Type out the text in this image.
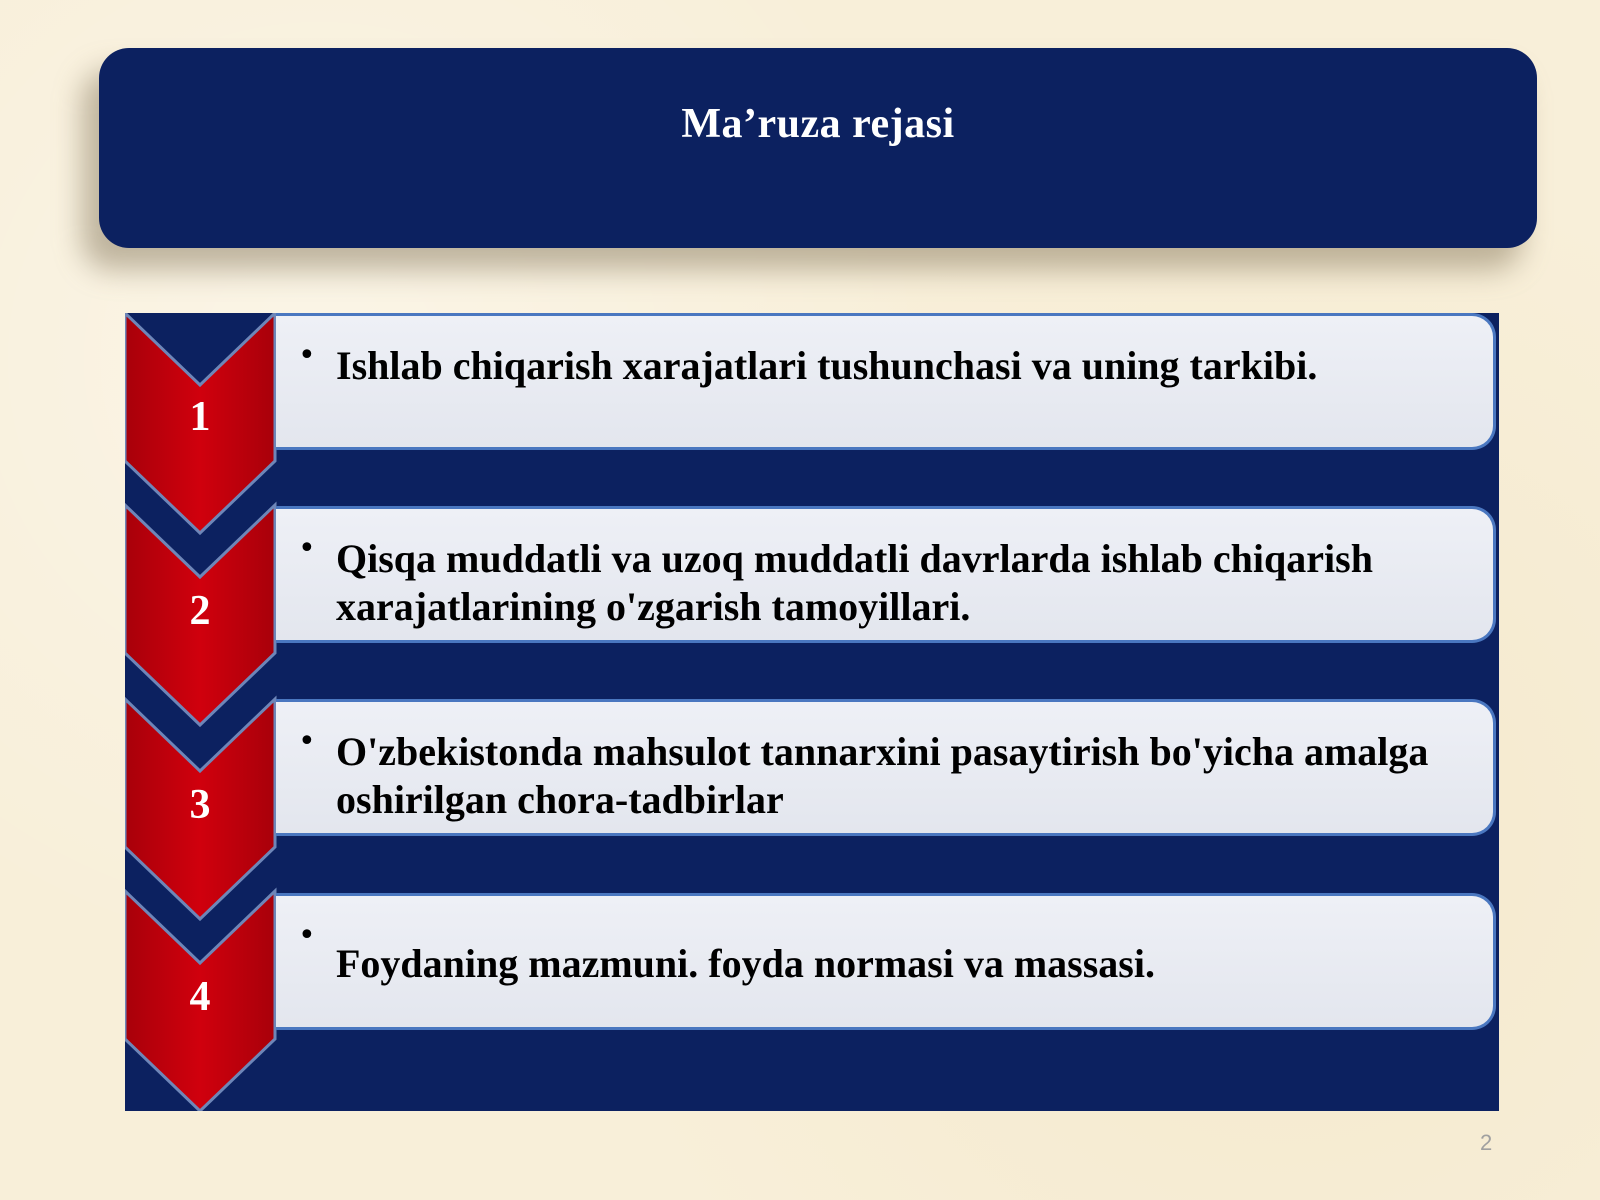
Ma’ruza rejasi
1
2
3
4
• Ishlab chiqarish xarajatlari tushunchasi va uning tarkibi.
• Qisqa muddatli va uzoq muddatli davrlarda ishlab chiqarish xarajatlarining o'zgarish tamoyillari.
• O'zbekistonda mahsulot tannarxini pasaytirish bo'yicha amalga oshirilgan chora-tadbirlar
•
Foydaning mazmuni. foyda normasi va massasi.
2
